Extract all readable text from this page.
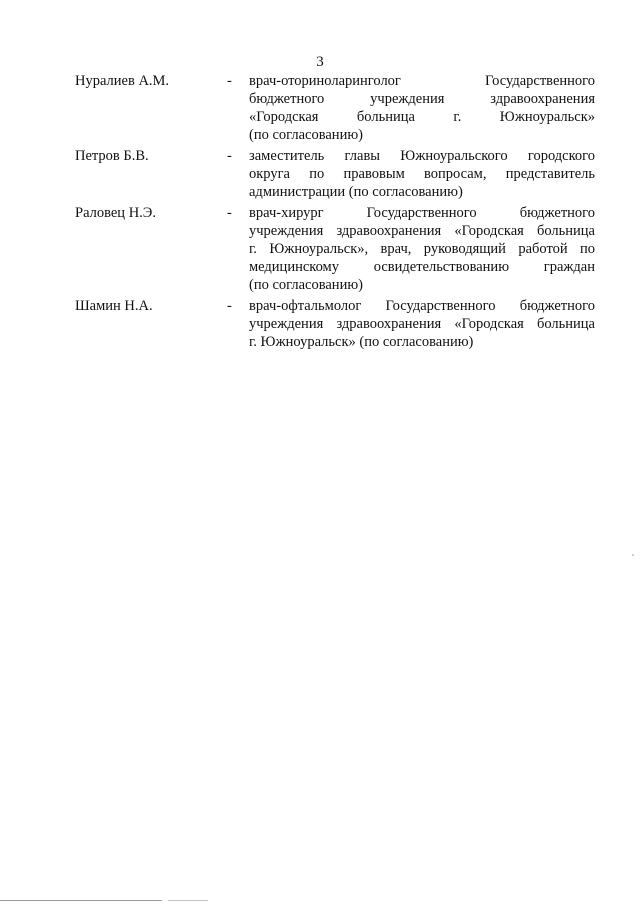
3
Нуралиев А.М.	-	врач-оториноларинголог Государственного
бюджетного учреждения здравоохранения
«Городская больница г. Южноуральск»
(по согласованию)
Петров Б.В.	-	заместитель главы Южноуральского городского
округа по правовым вопросам, представитель
администрации (по согласованию)
Раловец Н.Э.	-	врач-хирург Государственного бюджетного
учреждения здравоохранения «Городская больница
г. Южноуральск», врач, руководящий работой по
медицинскому освидетельствованию граждан
(по согласованию)
Шамин Н.А.	-	врач-офтальмолог Государственного бюджетного
учреждения здравоохранения «Городская больница
г. Южноуральск» (по согласованию)
